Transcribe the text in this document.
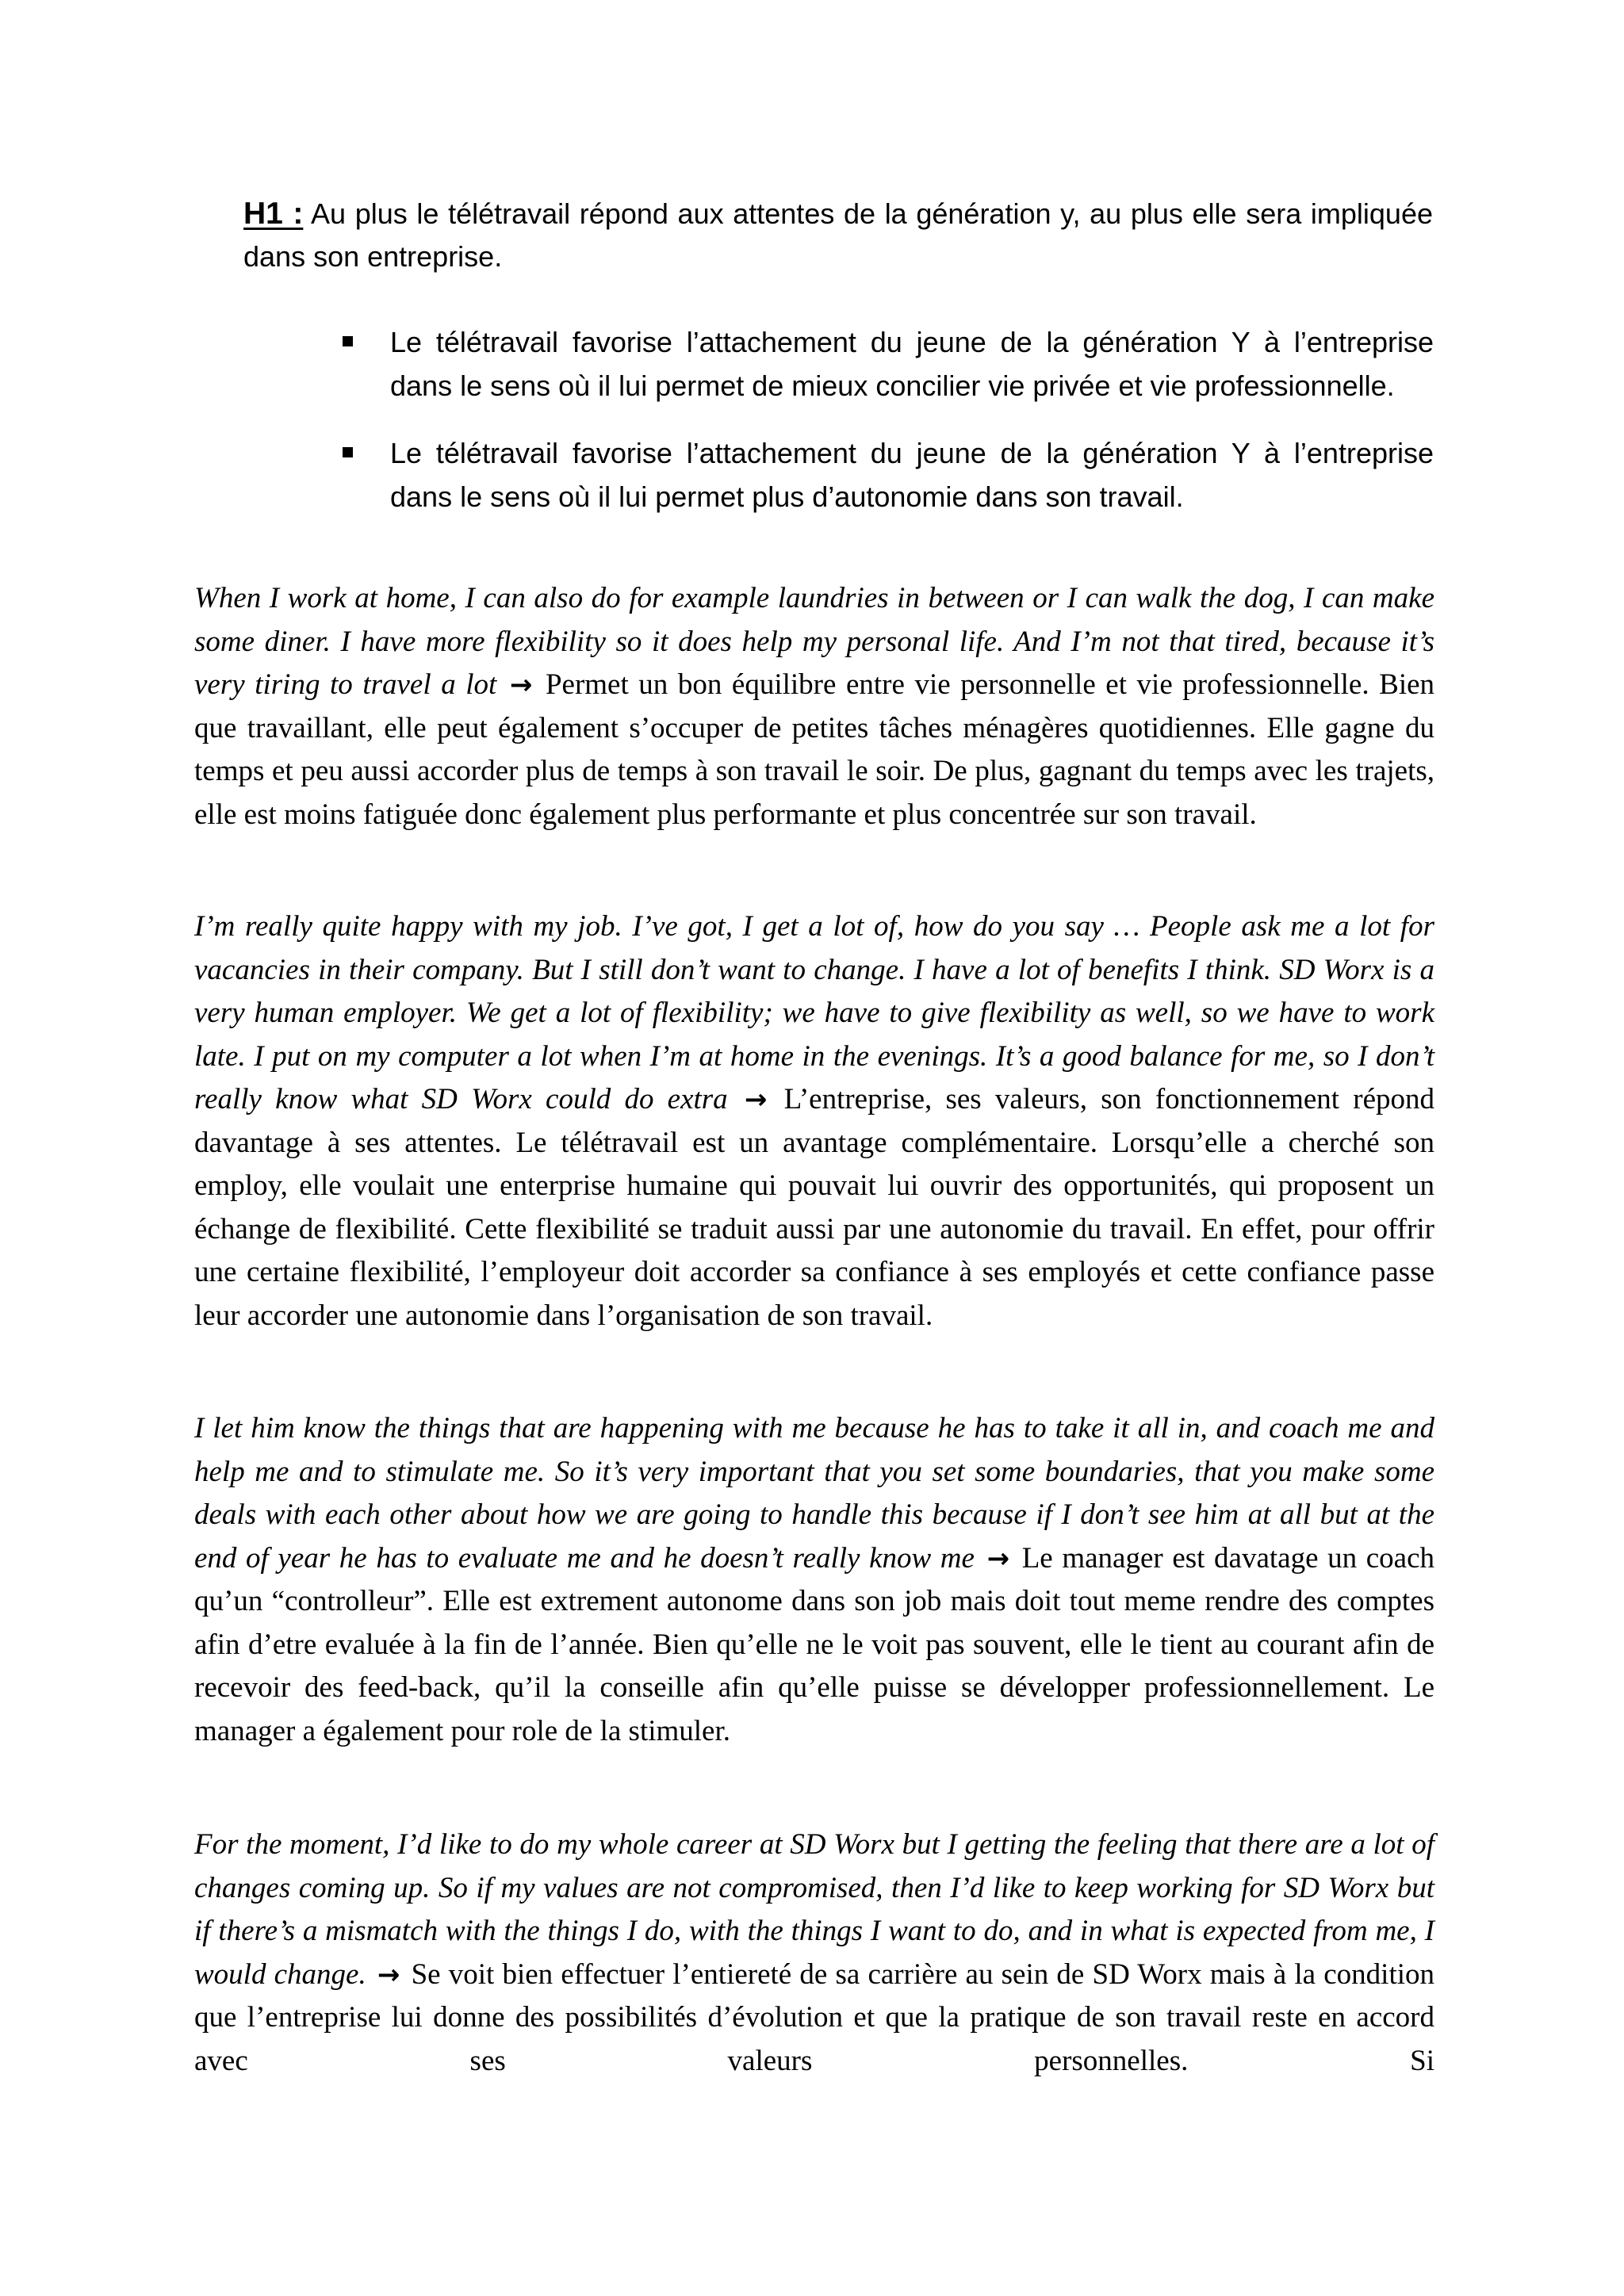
H1 : Au plus le télétravail répond aux attentes de la génération y, au plus elle sera impliquée dans son entreprise.
Le télétravail favorise l’attachement du jeune de la génération Y à l’entreprise dans le sens où il lui permet de mieux concilier vie privée et vie professionnelle.
Le télétravail favorise l’attachement du jeune de la génération Y à l’entreprise dans le sens où il lui permet plus d’autonomie dans son travail.

When I work at home, I can also do for example laundries in between or I can walk the dog, I can make some diner. I have more flexibility so it does help my personal life. And I’m not that tired, because it’s very tiring to travel a lot → Permet un bon équilibre entre vie personnelle et vie professionnelle. Bien que travaillant, elle peut également s’occuper de petites tâches ménagères quotidiennes. Elle gagne du temps et peu aussi accorder plus de temps à son travail le soir. De plus, gagnant du temps avec les trajets, elle est moins fatiguée donc également plus performante et plus concentrée sur son travail.

I’m really quite happy with my job. I’ve got, I get a lot of, how do you say … People ask me a lot for vacancies in their company. But I still don’t want to change. I have a lot of benefits I think. SD Worx is a very human employer. We get a lot of flexibility; we have to give flexibility as well, so we have to work late. I put on my computer a lot when I’m at home in the evenings. It’s a good balance for me, so I don’t really know what SD Worx could do extra → L’entreprise, ses valeurs, son fonctionnement répond davantage à ses attentes. Le télétravail est un avantage complémentaire. Lorsqu’elle a cherché son employ, elle voulait une enterprise humaine qui pouvait lui ouvrir des opportunités, qui proposent un échange de flexibilité. Cette flexibilité se traduit aussi par une autonomie du travail. En effet, pour offrir une certaine flexibilité, l’employeur doit accorder sa confiance à ses employés et cette confiance passe leur accorder une autonomie dans l’organisation de son travail.

I let him know the things that are happening with me because he has to take it all in, and coach me and help me and to stimulate me. So it’s very important that you set some boundaries, that you make some deals with each other about how we are going to handle this because if I don’t see him at all but at the end of year he has to evaluate me and he doesn’t really know me → Le manager est davatage un coach qu’un “controlleur”. Elle est extrement autonome dans son job mais doit tout meme rendre des comptes afin d’etre evaluée à la fin de l’année. Bien qu’elle ne le voit pas souvent, elle le tient au courant afin de recevoir des feed-back, qu’il la conseille afin qu’elle puisse se développer professionnellement. Le manager a également pour role de la stimuler.

For the moment, I’d like to do my whole career at SD Worx but I getting the feeling that there are a lot of changes coming up. So if my values are not compromised, then I’d like to keep working for SD Worx but if there’s a mismatch with the things I do, with the things I want to do, and in what is expected from me, I would change. → Se voit bien effectuer l’entiereté de sa carrière au sein de SD Worx mais à la condition que l’entreprise lui donne des possibilités d’évolution et que la pratique de son travail reste en accord avec ses valeurs personnelles. Si
